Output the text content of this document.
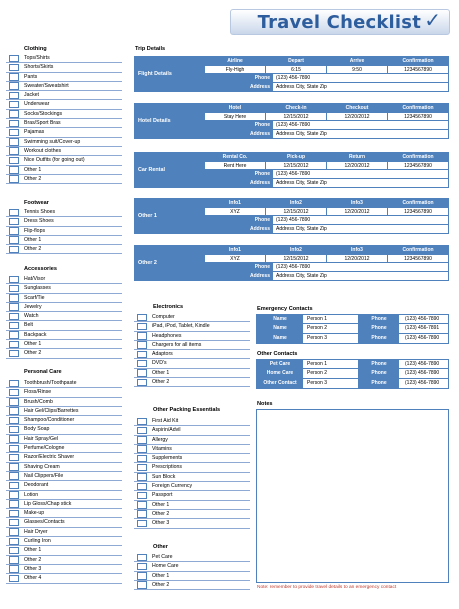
Travel Checklist ✓
Clothing
Tops/Shirts
Shorts/Skirts
Pants
Sweater/Sweatshirt
Jacket
Underwear
Socks/Stockings
Bras/Sport Bras
Pajamas
Swimming suit/Cover-up
Workout clothes
Nice Outfits (for going out)
Other 1
Other 2
Footwear
Tennis Shoes
Dress Shoes
Flip-flops
Other 1
Other 2
Accessories
Hat/Visor
Sunglasses
Scarf/Tie
Jewelry
Watch
Belt
Backpack
Other 1
Other 2
Personal Care
Toothbrush/Toothpaste
Floss/Rinse
Brush/Comb
Hair Gel/Clips/Barrettes
Shampoo/Conditioner
Body Soap
Hair Spray/Gel
Perfume/Cologne
Razor/Electric Shaver
Shaving Cream
Nail Clippers/File
Deodorant
Lotion
Lip Gloss/Chap stick
Make-up
Glasses/Contacts
Hair Dryer
Curling Iron
Other 1
Other 2
Other 3
Other 4
Electronics
Computer
iPad, iPod, Tablet, Kindle
Headphones
Chargers for all items
Adaptors
DVD's
Other 1
Other 2
Other Packing Essentials
First Aid Kit
Aspirin/Advil
Allergy
Vitamins
Supplements
Prescriptions
Sun Block
Foreign Currency
Passport
Other 1
Other 2
Other 3
Other
Pet Care
Home Care
Other 1
Other 2
Trip Details
Flight Details
Airline	Depart	Arrive	Confirmation
Fly-High	6:15	9:50	1234567890
Phone	(123) 456-7890
Address	Address City, State Zip
Hotel Details
Hotel	Check-in	Checkout	Confirmation
Stay Here	12/15/2012	12/20/2012	1234567890
Phone	(123) 456-7890
Address	Address City, State Zip
Car Rental
Rental Co.	Pick-up	Return	Confirmation
Rent Here	12/15/2012	12/20/2012	1234567890
Phone	(123) 456-7890
Address	Address City, State Zip
Other 1
Info1	Info2	Info3	Confirmation
XYZ	12/15/2012	12/20/2012	1234567890
Phone	(123) 456-7890
Address	Address City, State Zip
Other 2
Info1	Info2	Info3	Confirmation
XYZ	12/15/2012	12/20/2012	1234567890
Phone	(123) 456-7890
Address	Address City, State Zip
Emergency Contacts
Name	Person 1	Phone	(123) 456-7890
Name	Person 2	Phone	(123) 456-7891
Name	Person 3	Phone	(123) 456-7890
Other Contacts
Pet Care	Person 1	Phone	(123) 456-7890
Home Care	Person 2	Phone	(123) 456-7890
Other Contact	Person 3	Phone	(123) 456-7890
Notes
Note: remember to provide travel details to an emergency contact
